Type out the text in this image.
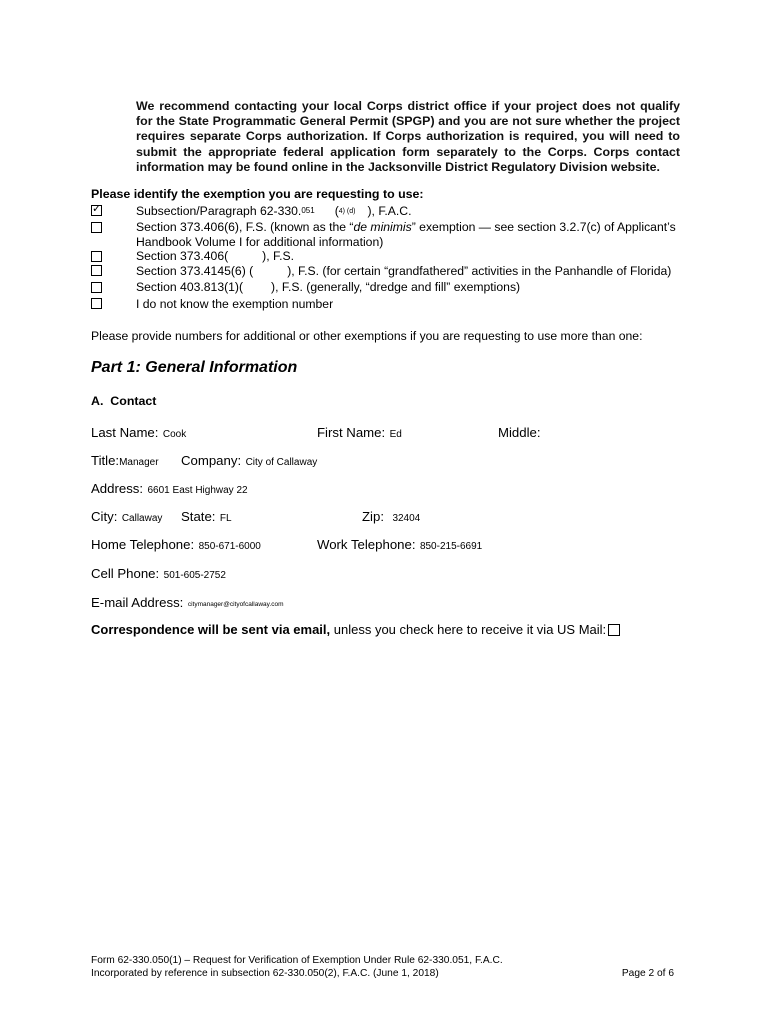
We recommend contacting your local Corps district office if your project does not qualify for the State Programmatic General Permit (SPGP) and you are not sure whether the project requires separate Corps authorization. If Corps authorization is required, you will need to submit the appropriate federal application form separately to the Corps. Corps contact information may be found online in the Jacksonville District Regulatory Division website.

Please identify the exemption you are requesting to use:
✓
Subsection/Paragraph 62-330.051 (4) (d) ), F.A.C.
Section 373.406(6), F.S. (known as the “de minimis” exemption — see section 3.2.7(c) of Applicant’s
Handbook Volume I for additional information)
Section 373.406(	), F.S.
Section 373.4145(6) (	), F.S. (for certain “grandfathered” activities in the Panhandle of Florida)
Section 403.813(1)( ), F.S. (generally, “dredge and fill” exemptions)
I do not know the exemption number
Please provide numbers for additional or other exemptions if you are requesting to use more than one:
Part 1: General Information
A. Contact
Last Name: Cook	First Name: Ed	Middle:
Title:Manager Company: City of Callaway
Address: 6601 East Highway 22
City: Callaway State: FL	Zip: 32404
Home Telephone: 850-671-6000	Work Telephone: 850-215-6691
Cell Phone: 501-605-2752
E-mail Address: citymanager@cityofcallaway.com
Correspondence will be sent via email, unless you check here to receive it via US Mail:
Form 62-330.050(1) – Request for Verification of Exemption Under Rule 62-330.051, F.A.C.
Incorporated by reference in subsection 62-330.050(2), F.A.C. (June 1, 2018)	Page 2 of 6
